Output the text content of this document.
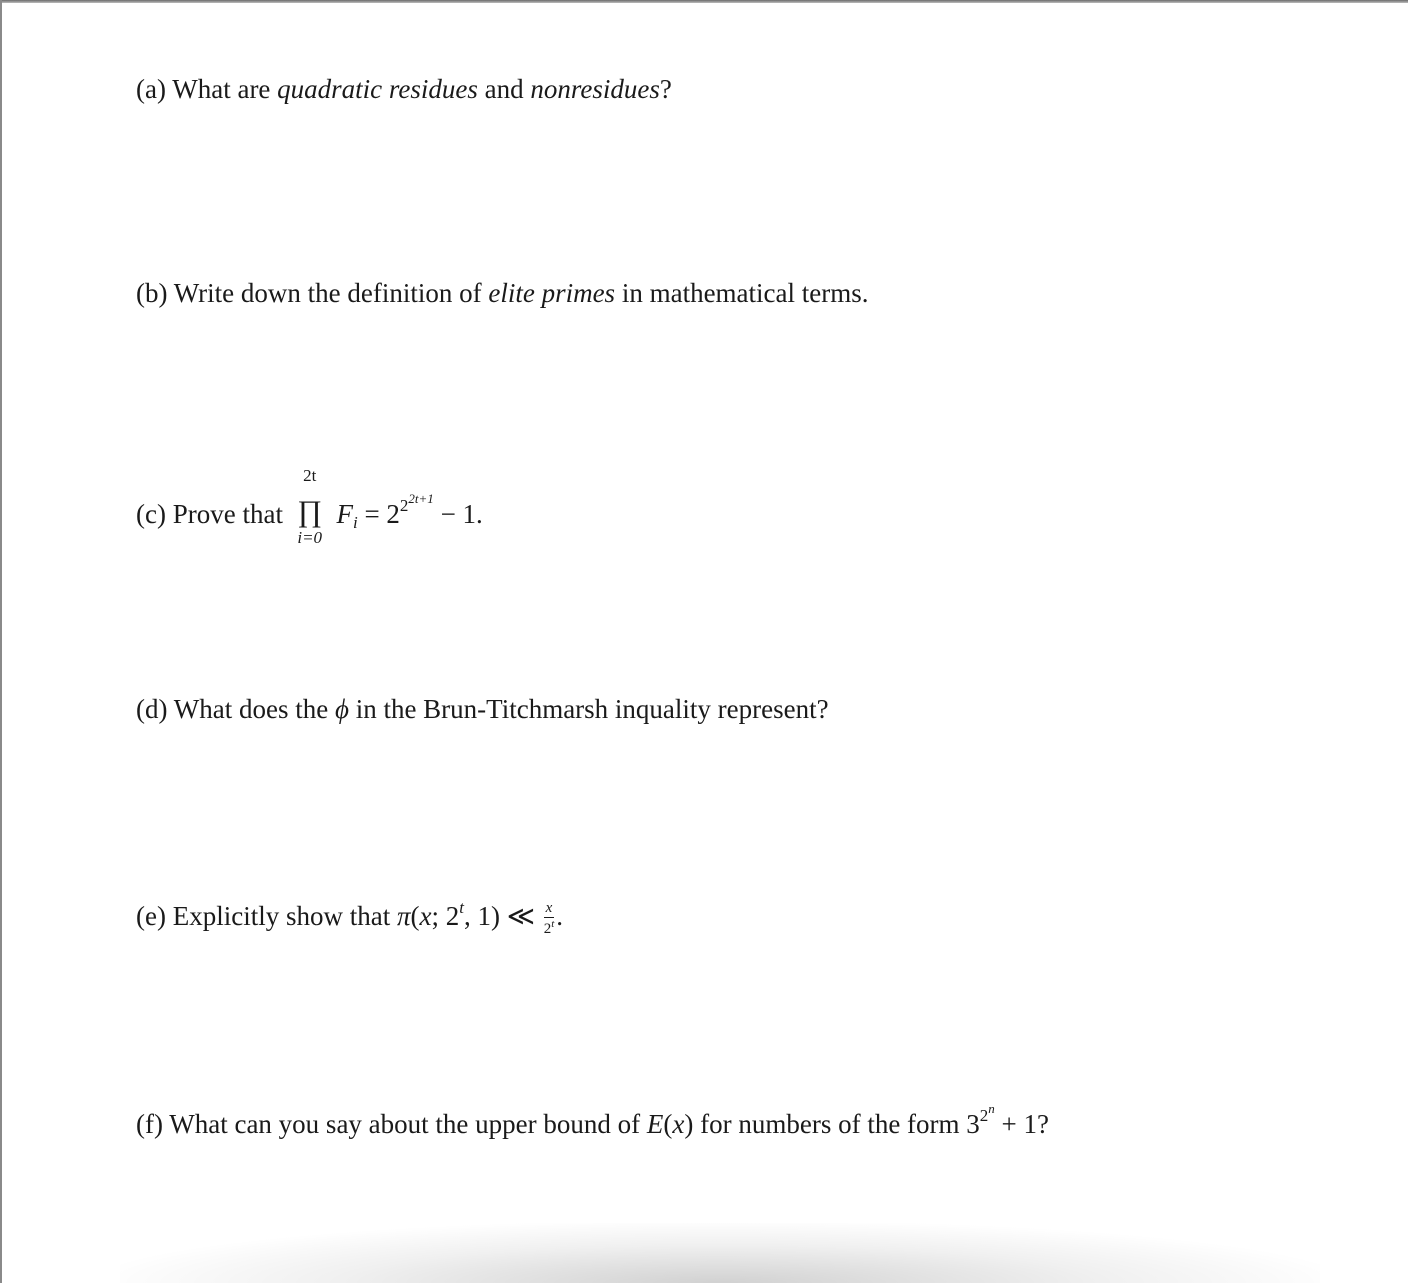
(a) What are quadratic residues and nonresidues?
(b) Write down the definition of elite primes in mathematical terms.
(c) Prove that
2t
∏
i=0
$F_i = 2^{22t+1} - 1$.
(d) What does the ϕ in the Brun-Titchmarsh inquality represent?
(e) Explicitly show that π(x; 2$^t$, 1) ≪ $\frac{x}{2^t}$ .
(f) What can you say about the upper bound of E(x) for numbers of the form $3^{2n} + 1$?
